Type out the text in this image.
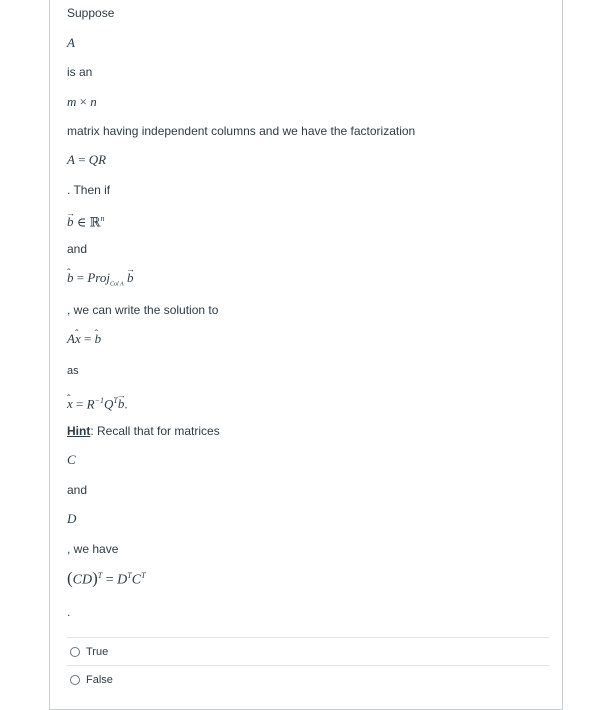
Suppose
A
is an
m × n
matrix having independent columns and we have the factorization
A = QR
. Then if
→ b ∈ ℝ$^n$
and
ˆ b = Proj$_{Col A}$ → b
, we can write the solution to
Aˆ x = ˆ b
as
ˆ $x = R^{-1}Q^T\to b$.
Hint: Recall that for matrices
C
and
D
, we have
$(CD)^T = D^TC^T$
.
True
False
